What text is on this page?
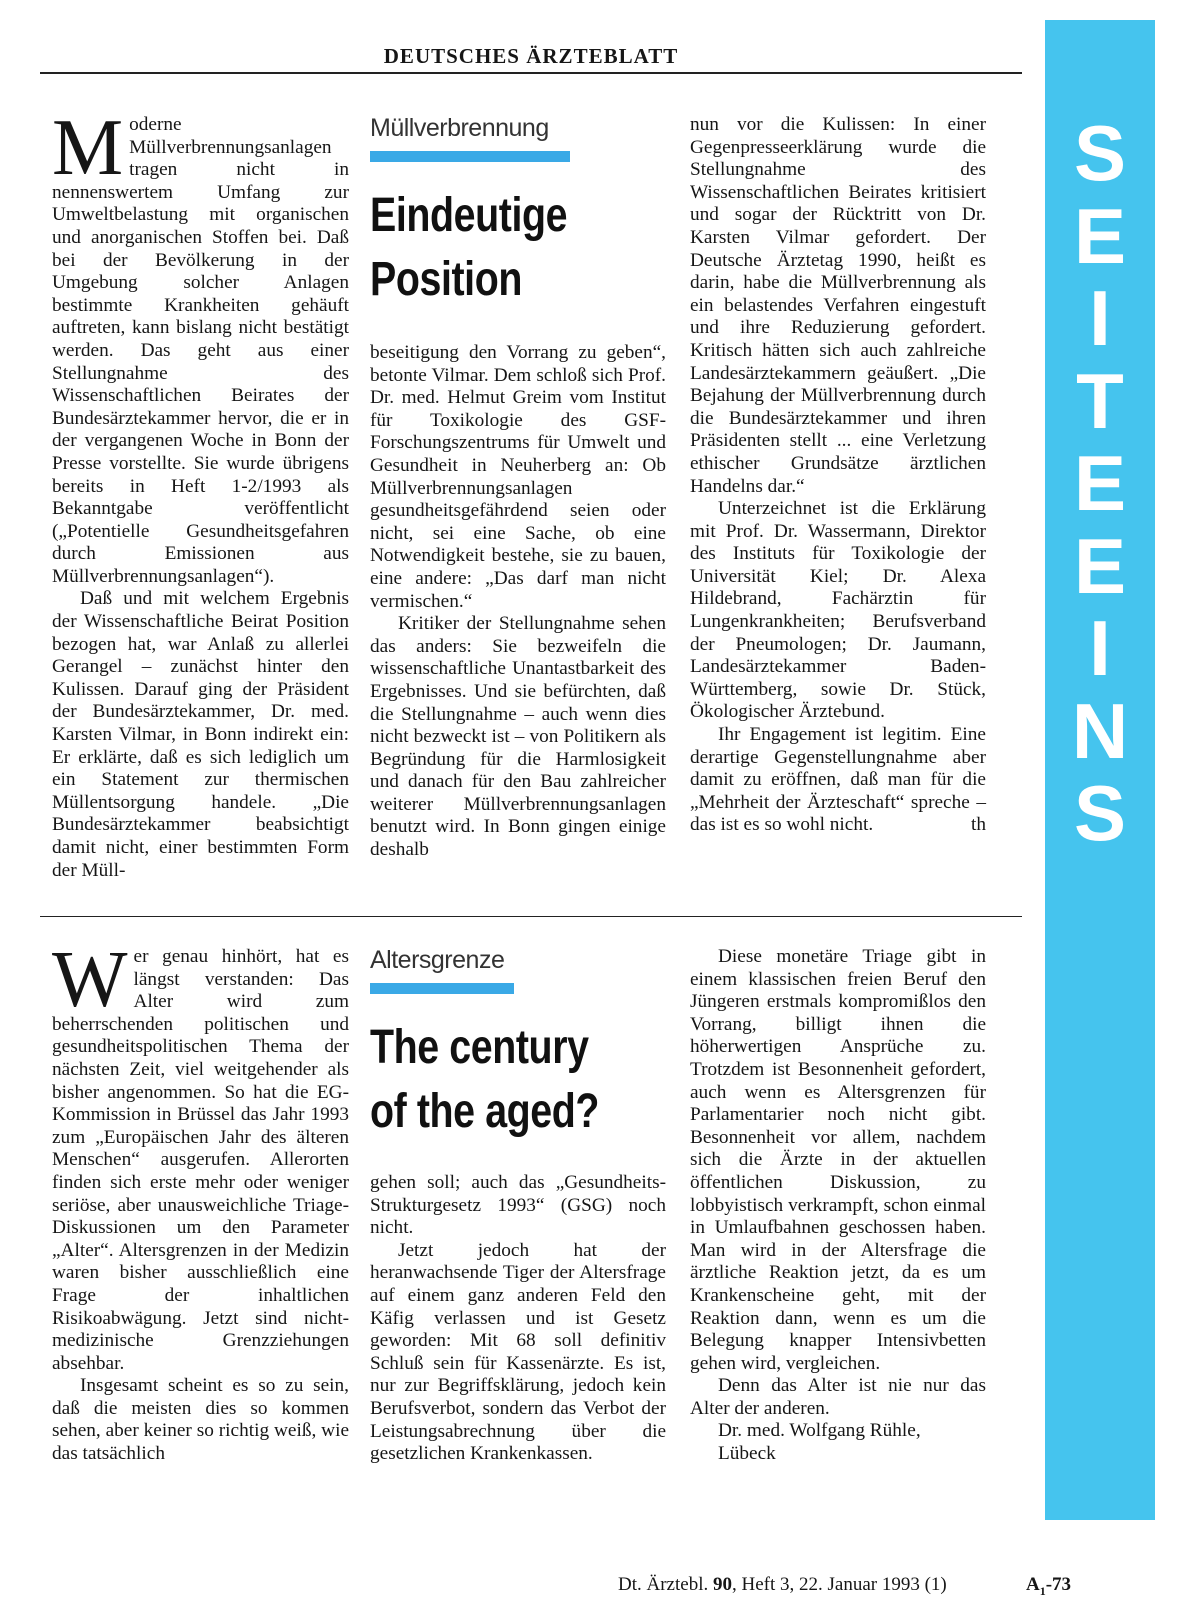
DEUTSCHES ÄRZTEBLATT
S
E
I
T
E
E
I
N
S

Moderne Müllverbrennungsanlagen tragen nicht in nennenswertem Umfang zur Umweltbelastung mit organischen und anorganischen Stoffen bei. Daß bei der Bevölkerung in der Umgebung solcher Anlagen bestimmte Krankheiten gehäuft auftreten, kann bislang nicht bestätigt werden. Das geht aus einer Stellungnahme des Wissenschaftlichen Beirates der Bundesärztekammer hervor, die er in der vergangenen Woche in Bonn der Presse vorstellte. Sie wurde übrigens bereits in Heft 1-2/1993 als Bekanntgabe veröffentlicht („Potentielle Gesundheitsgefahren durch Emissionen aus Müllverbrennungsanlagen“).

Daß und mit welchem Ergebnis der Wissenschaftliche Beirat Position bezogen hat, war Anlaß zu allerlei Gerangel – zunächst hinter den Kulissen. Darauf ging der Präsident der Bundesärztekammer, Dr. med. Karsten Vilmar, in Bonn indirekt ein: Er erklärte, daß es sich lediglich um ein Statement zur thermischen Müllentsorgung handele. „Die Bundesärztekammer beabsichtigt damit nicht, einer bestimmten Form der Müll-

Müllverbrennung
Eindeutige
Position

beseitigung den Vorrang zu geben“, betonte Vilmar. Dem schloß sich Prof. Dr. med. Helmut Greim vom Institut für Toxikologie des GSF-Forschungszentrums für Umwelt und Gesundheit in Neuherberg an: Ob Müllverbrennungsanlagen gesundheitsgefährdend seien oder nicht, sei eine Sache, ob eine Notwendigkeit bestehe, sie zu bauen, eine andere: „Das darf man nicht vermischen.“

Kritiker der Stellungnahme sehen das anders: Sie bezweifeln die wissenschaftliche Unantastbarkeit des Ergebnisses. Und sie befürchten, daß die Stellungnahme – auch wenn dies nicht bezweckt ist – von Politikern als Begründung für die Harmlosigkeit und danach für den Bau zahlreicher weiterer Müllverbrennungsanlagen benutzt wird. In Bonn gingen einige deshalb

nun vor die Kulissen: In einer Gegenpresseerklärung wurde die Stellungnahme des Wissenschaftlichen Beirates kritisiert und sogar der Rücktritt von Dr. Karsten Vilmar gefordert. Der Deutsche Ärztetag 1990, heißt es darin, habe die Müllverbrennung als ein belastendes Verfahren eingestuft und ihre Reduzierung gefordert. Kritisch hätten sich auch zahlreiche Landesärztekammern geäußert. „Die Bejahung der Müllverbrennung durch die Bundesärztekammer und ihren Präsidenten stellt ... eine Verletzung ethischer Grundsätze ärztlichen Handelns dar.“

Unterzeichnet ist die Erklärung mit Prof. Dr. Wassermann, Direktor des Instituts für Toxikologie der Universität Kiel; Dr. Alexa Hildebrand, Fachärztin für Lungenkrankheiten; Berufsverband der Pneumologen; Dr. Jaumann, Landesärztekammer Baden-Württemberg, sowie Dr. Stück, Ökologischer Ärztebund.

Ihr Engagement ist legitim. Eine derartige Gegenstellungnahme aber damit zu eröffnen, daß man für die „Mehrheit der Ärzteschaft“ spreche – das ist es so wohl nicht.	th

Wer genau hinhört, hat es längst verstanden: Das Alter wird zum beherrschenden politischen und gesundheitspolitischen Thema der nächsten Zeit, viel weitgehender als bisher angenommen. So hat die EG-Kommission in Brüssel das Jahr 1993 zum „Europäischen Jahr des älteren Menschen“ ausgerufen. Allerorten finden sich erste mehr oder weniger seriöse, aber unausweichliche Triage-Diskussionen um den Parameter „Alter“. Altersgrenzen in der Medizin waren bisher ausschließlich eine Frage der inhaltlichen Risikoabwägung. Jetzt sind nicht-medizinische Grenzziehungen absehbar.

Insgesamt scheint es so zu sein, daß die meisten dies so kommen sehen, aber keiner so richtig weiß, wie das tatsächlich

Altersgrenze
The century
of the aged?

gehen soll; auch das „Gesundheits-Strukturgesetz 1993“ (GSG) noch nicht.

Jetzt jedoch hat der heranwachsende Tiger der Altersfrage auf einem ganz anderen Feld den Käfig verlassen und ist Gesetz geworden: Mit 68 soll definitiv Schluß sein für Kassenärzte. Es ist, nur zur Begriffsklärung, jedoch kein Berufsverbot, sondern das Verbot der Leistungsabrechnung über die gesetzlichen Krankenkassen.

Diese monetäre Triage gibt in einem klassischen freien Beruf den Jüngeren erstmals kompromißlos den Vorrang, billigt ihnen die höherwertigen Ansprüche zu. Trotzdem ist Besonnenheit gefordert, auch wenn es Altersgrenzen für Parlamentarier noch nicht gibt. Besonnenheit vor allem, nachdem sich die Ärzte in der aktuellen öffentlichen Diskussion, zu lobbyistisch verkrampft, schon einmal in Umlaufbahnen geschossen haben. Man wird in der Altersfrage die ärztliche Reaktion jetzt, da es um Krankenscheine geht, mit der Reaktion dann, wenn es um die Belegung knapper Intensivbetten gehen wird, vergleichen.

Denn das Alter ist nie nur das Alter der anderen.

Dr. med. Wolfgang Rühle,

Lübeck

Dt. Ärztebl. 90, Heft 3, 22. Januar 1993 (1)	$A_1-73$
